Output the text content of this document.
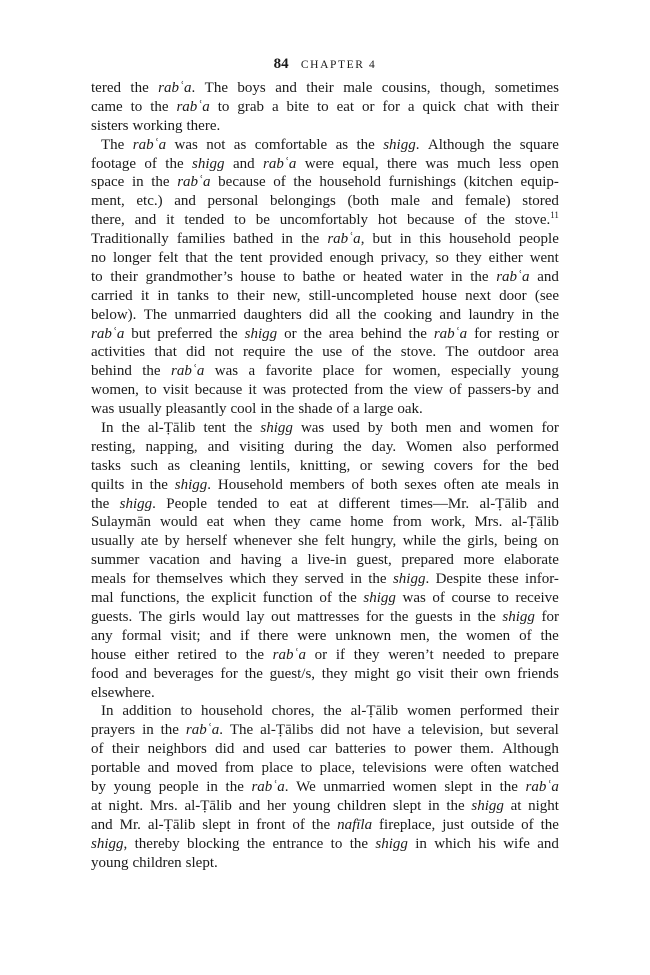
84 CHAPTER 4
tered the rabʿa. The boys and their male cousins, though, sometimes
came to the rabʿa to grab a bite to eat or for a quick chat with their
sisters working there.
The rabʿa was not as comfortable as the shigg. Although the square
footage of the shigg and rabʿa were equal, there was much less open
space in the rabʿa because of the household furnishings (kitchen equip-
ment, etc.) and personal belongings (both male and female) stored
there, and it tended to be uncomfortably hot because of the stove.$^{11}$
Traditionally families bathed in the rabʿa, but in this household people
no longer felt that the tent provided enough privacy, so they either went
to their grandmother’s house to bathe or heated water in the rabʿa and
carried it in tanks to their new, still-uncompleted house next door (see
below). The unmarried daughters did all the cooking and laundry in the
rabʿa but preferred the shigg or the area behind the rabʿa for resting or
activities that did not require the use of the stove. The outdoor area
behind the rabʿa was a favorite place for women, especially young
women, to visit because it was protected from the view of passers-by and
was usually pleasantly cool in the shade of a large oak.
In the al-Ṭālib tent the shigg was used by both men and women for
resting, napping, and visiting during the day. Women also performed
tasks such as cleaning lentils, knitting, or sewing covers for the bed
quilts in the shigg. Household members of both sexes often ate meals in
the shigg. People tended to eat at different times—Mr. al-Ṭālib and
Sulaymān would eat when they came home from work, Mrs. al-Ṭālib
usually ate by herself whenever she felt hungry, while the girls, being on
summer vacation and having a live-in guest, prepared more elaborate
meals for themselves which they served in the shigg. Despite these infor-
mal functions, the explicit function of the shigg was of course to receive
guests. The girls would lay out mattresses for the guests in the shigg for
any formal visit; and if there were unknown men, the women of the
house either retired to the rabʿa or if they weren’t needed to prepare
food and beverages for the guest/s, they might go visit their own friends
elsewhere.
In addition to household chores, the al-Ṭālib women performed their
prayers in the rabʿa. The al-Ṭālibs did not have a television, but several
of their neighbors did and used car batteries to power them. Although
portable and moved from place to place, televisions were often watched
by young people in the rabʿa. We unmarried women slept in the rabʿa
at night. Mrs. al-Ṭālib and her young children slept in the shigg at night
and Mr. al-Ṭālib slept in front of the nafīla fireplace, just outside of the
shigg, thereby blocking the entrance to the shigg in which his wife and
young children slept.
